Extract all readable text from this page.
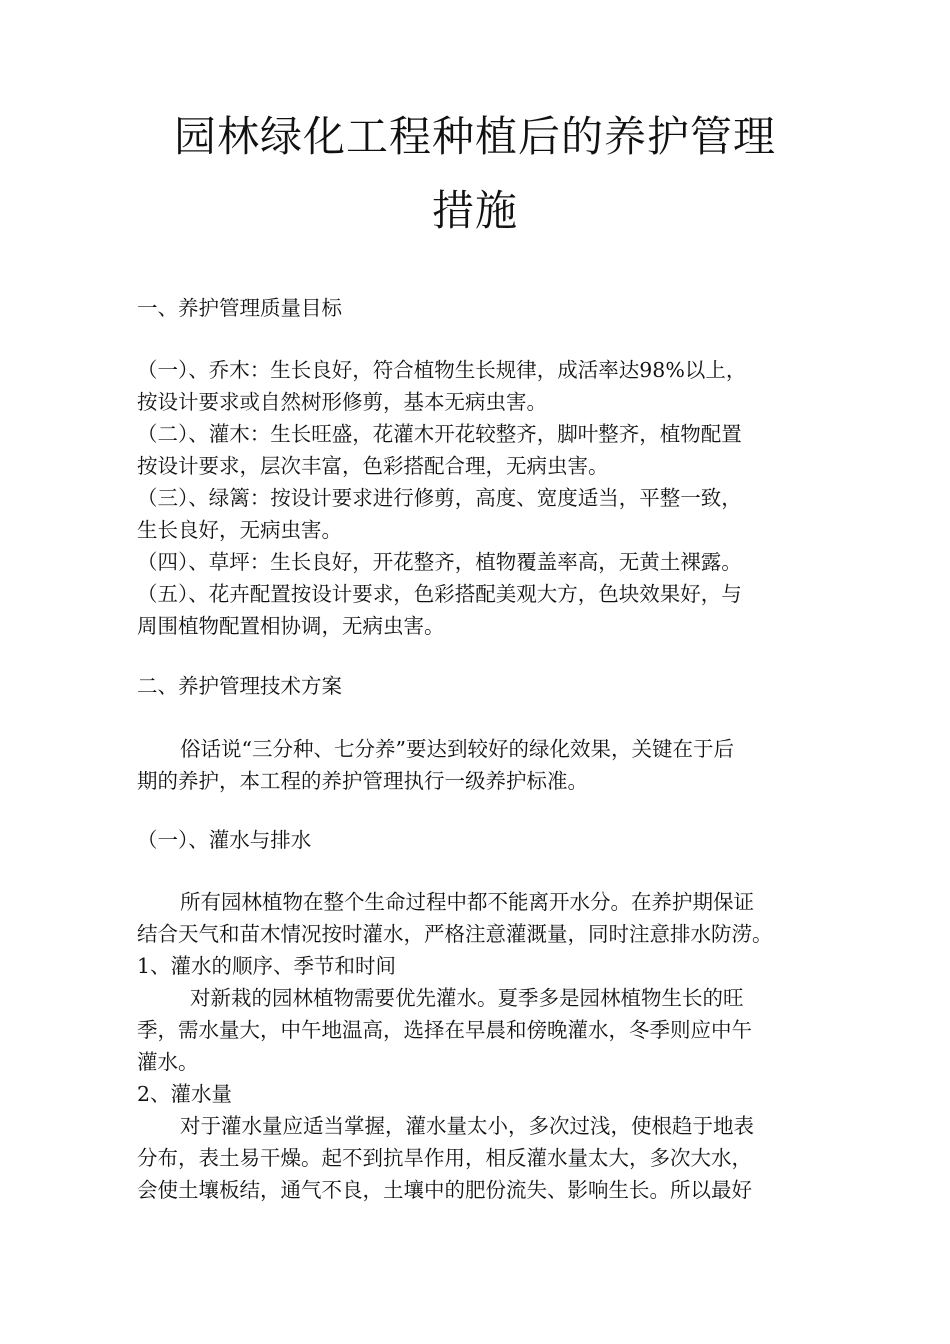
园林绿化工程种植后的养护管理
措施

一、养护管理质量目标

（一）、乔木：生长良好，符合植物生长规律，成活率达98%以上，

按设计要求或自然树形修剪，基本无病虫害。

（二）、灌木：生长旺盛，花灌木开花较整齐，脚叶整齐，植物配置

按设计要求，层次丰富，色彩搭配合理，无病虫害。

（三）、绿篱：按设计要求进行修剪，高度、宽度适当，平整一致，

生长良好，无病虫害。

（四）、草坪：生长良好，开花整齐，植物覆盖率高，无黄土裸露。

（五）、花卉配置按设计要求，色彩搭配美观大方，色块效果好，与

周围植物配置相协调，无病虫害。

二、养护管理技术方案

俗话说“三分种、七分养”要达到较好的绿化效果，关键在于后

期的养护，本工程的养护管理执行一级养护标准。

（一）、灌水与排水

所有园林植物在整个生命过程中都不能离开水分。在养护期保证

结合天气和苗木情况按时灌水，严格注意灌溉量，同时注意排水防涝。

1、灌水的顺序、季节和时间

对新栽的园林植物需要优先灌水。夏季多是园林植物生长的旺

季，需水量大，中午地温高，选择在早晨和傍晚灌水，冬季则应中午

灌水。

2、灌水量

对于灌水量应适当掌握，灌水量太小，多次过浅，使根趋于地表

分布，表土易干燥。起不到抗旱作用，相反灌水量太大，多次大水，

会使土壤板结，通气不良，土壤中的肥份流失、影响生长。所以最好
